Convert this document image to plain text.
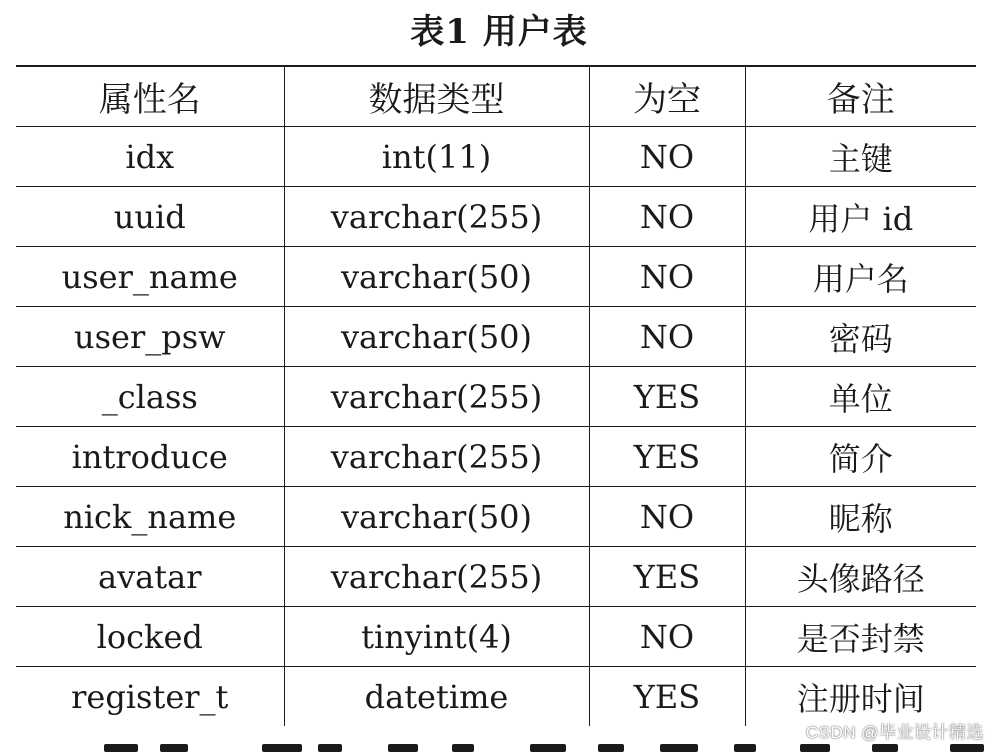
表1 用户表
属性名	数据类型	为空	备注
idx	int(11)	NO	主键
uuid	varchar(255)	NO	用户 id
user_name	varchar(50)	NO	用户名
user_psw	varchar(50)	NO	密码
_class	varchar(255)	YES	单位
introduce	varchar(255)	YES	简介
nick_name	varchar(50)	NO	昵称
avatar	varchar(255)	YES	头像路径
locked	tinyint(4)	NO	是否封禁
register_t	datetime	YES	注册时间
CSDN @毕业设计精选
